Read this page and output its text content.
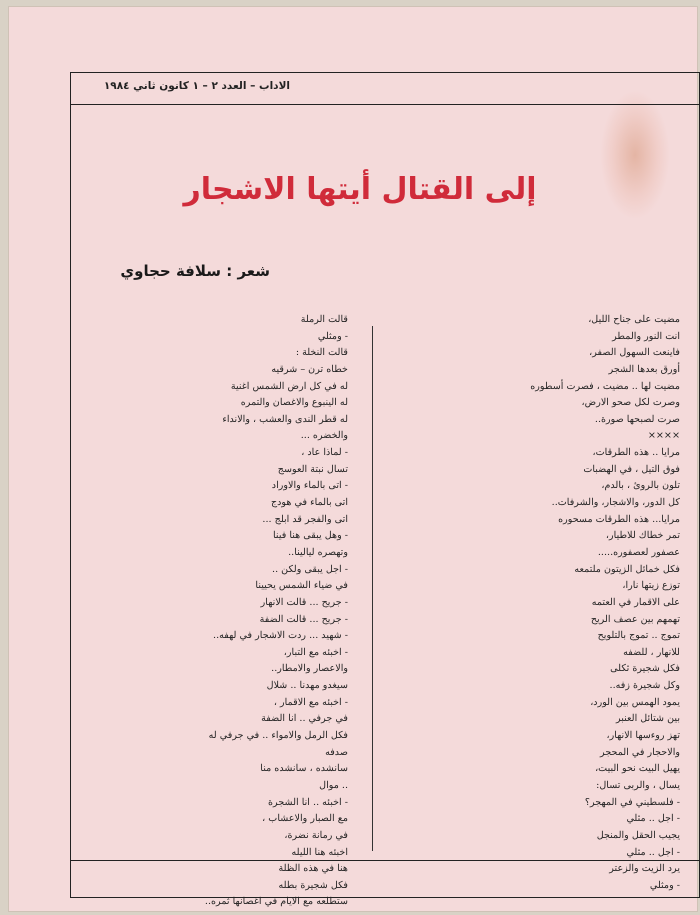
الاداب – العدد ٢ – ١ كانون ثاني ١٩٨٤
إلى القتال أيتها الاشجار
شعر : سلافة حجاوي
مضيت على جناح الليل،
انت النور والمطر
فاينعت السهول الصفر،
أورق بعدها الشجر
مضيت لها .. مضيت ، فصرت أسطوره
وصرت لكل صحو الارض،
صرت لصبحها صورة..
××××
مرايا .. هذه الطرقات،
فوق التيل ، في الهضبات
تلون بالروئ ، بالدم،
كل الدور، والاشجار، والشرفات..
مرايا... هذه الطرقات مسحوره
تمر خطاك للاطيار،
عصفور لعصفوره.....
فكل خمائل الزيتون ملتمعه
توزع زيتها نارا،
على الاقمار في العتمه
تهمهم بين عصف الريح
تموج .. تموج بالتلويح
للانهار ، للضفه
فكل شجيرة ثكلى
وكل شجيرة زفه..
يمود الهمس بين الورد،
بين شتائل العنبر
تهز روءسها الانهار،
والاحجار في المحجر
يهيل البيت نحو البيت،
يسال ، والربى تسال:
- فلسطيني في المهجر؟
- اجل .. مثلي
يجيب الحقل والمنجل
- اجل .. مثلي
يرد الزيت والزعتر
- ومثلي
قالت الرملة
- ومثلي
قالت النخلة :
خطاه ترن – شرقيه
له في كل ارض الشمس اغنية
له الينبوع والاغصان والتمره
له قطر الندى والعشب ، والانداء
والخضره ...
- لماذا عاد ،
تسال نبتة العوسج
- اتى بالماء والاوراد
اتى بالماء في هودج
اتى والفجر قد ابلج ...
- وهل يبقى هنا فينا
وتهصره ليالينا..
- اجل يبقى ولكن ..
في ضياء الشمس يحيينا
- جريح ... قالت الانهار
- جريح ... قالت الضفة
- شهيد ... ردت الاشجار في لهفه..
- اخبئه مع التبار،
والاعصار والامطار..
سيغدو مهدنا .. شلال
- اخبئه مع الاقمار ،
في جرفي .. انا الضفة
فكل الرمل والامواء .. في جرفي له
صدفه
سانشده ، سانشده منا
.. موال
- اخبئه .. انا الشجرة
مع الصبار والاعشاب ،
في رمانة نضرة،
اخبئه هنا الليله
هنا في هذه الظلة
فكل شجيرة بطله
ستطلعه مع الايام في اغصانها ثمره..
